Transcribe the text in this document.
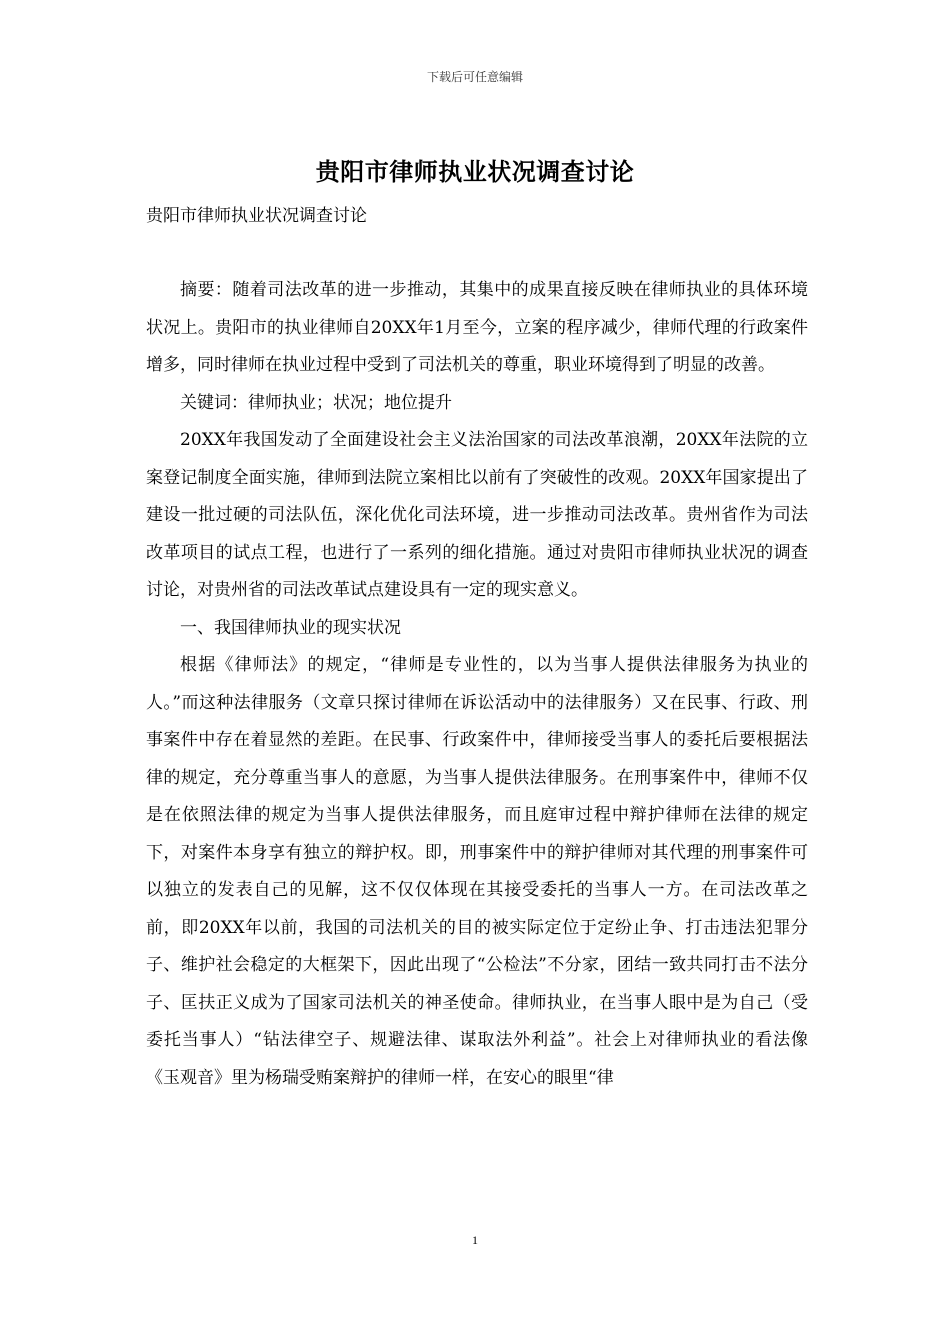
下载后可任意编辑
贵阳市律师执业状况调查讨论
贵阳市律师执业状况调查讨论

摘要：随着司法改革的进一步推动，其集中的成果直接反映在律师执业的具体环境状况上。贵阳市的执业律师自20XX年1月至今，立案的程序减少，律师代理的行政案件增多，同时律师在执业过程中受到了司法机关的尊重，职业环境得到了明显的改善。

关键词：律师执业；状况；地位提升

20XX年我国发动了全面建设社会主义法治国家的司法改革浪潮，20XX年法院的立案登记制度全面实施，律师到法院立案相比以前有了突破性的改观。20XX年国家提出了建设一批过硬的司法队伍，深化优化司法环境，进一步推动司法改革。贵州省作为司法改革项目的试点工程，也进行了一系列的细化措施。通过对贵阳市律师执业状况的调查讨论，对贵州省的司法改革试点建设具有一定的现实意义。

一、我国律师执业的现实状况

根据《律师法》的规定，“律师是专业性的，以为当事人提供法律服务为执业的人。”而这种法律服务（文章只探讨律师在诉讼活动中的法律服务）又在民事、行政、刑事案件中存在着显然的差距。在民事、行政案件中，律师接受当事人的委托后要根据法律的规定，充分尊重当事人的意愿，为当事人提供法律服务。在刑事案件中，律师不仅是在依照法律的规定为当事人提供法律服务，而且庭审过程中辩护律师在法律的规定下，对案件本身享有独立的辩护权。即，刑事案件中的辩护律师对其代理的刑事案件可以独立的发表自己的见解，这不仅仅体现在其接受委托的当事人一方。在司法改革之前，即20XX年以前，我国的司法机关的目的被实际定位于定纷止争、打击违法犯罪分子、维护社会稳定的大框架下，因此出现了“公检法”不分家，团结一致共同打击不法分子、匡扶正义成为了国家司法机关的神圣使命。律师执业，在当事人眼中是为自己（受委托当事人）“钻法律空子、规避法律、谋取法外利益”。社会上对律师执业的看法像《玉观音》里为杨瑞受贿案辩护的律师一样，在安心的眼里“律

1
